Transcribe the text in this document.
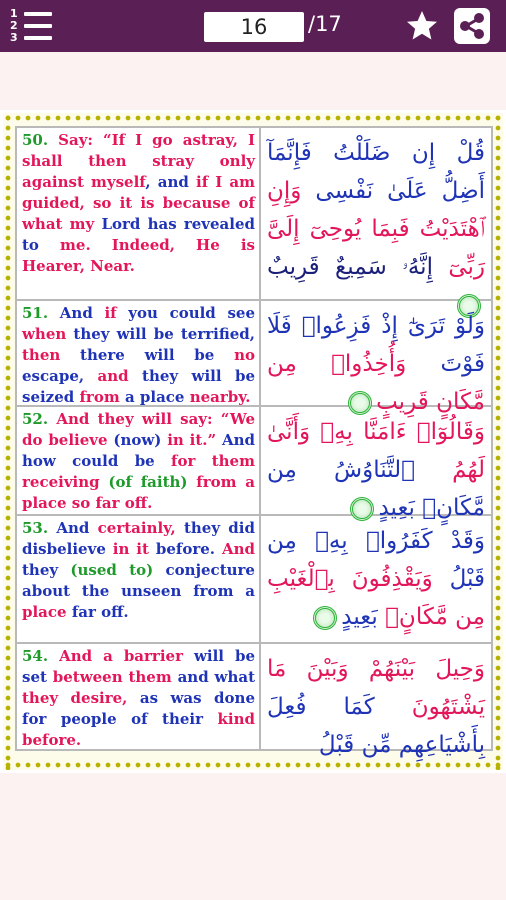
1
2
3	16	/17
50. Say: “If I go astray, I shall then stray only against myself, and if I am guided, so it is because of what my Lord has revealed to me. Indeed, He is Hearer, Near.
قُلْ إِن ضَلَلْتُ فَإِنَّمَآ أَضِلُّ عَلَىٰ نَفْسِى وَإِنِ ٱهْتَدَيْتُ فَبِمَا يُوحِىٓ إِلَىَّ رَبِّىٓ إِنَّهُۥ سَمِيعٌ قَرِيبٌ
51. And if you could see when they will be terrified, then there will be no escape, and they will be seized from a place nearby.
وَلَوْ تَرَىٰٓ إِذْ فَزِعُوا۟ فَلَا فَوْتَ وَأُخِذُوا۟ مِن مَّكَانٍ قَرِيبٍ
52. And they will say: “We do believe (now) in it.” And how could be for them receiving (of faith) from a place so far off.
وَقَالُوٓا۟ ءَامَنَّا بِهِۦ وَأَنَّىٰ لَهُمُ ٱلتَّنَاوُشُ مِن مَّكَانٍۭ بَعِيدٍ
53. And certainly, they did disbelieve in it before. And they (used to) conjecture about the unseen from a place far off.
وَقَدْ كَفَرُوا۟ بِهِۦ مِن قَبْلُ وَيَقْذِفُونَ بِٱلْغَيْبِ مِن مَّكَانٍۭ بَعِيدٍ
54. And a barrier will be set between them and what they desire, as was done for people of their kind before.
وَحِيلَ بَيْنَهُمْ وَبَيْنَ مَا يَشْتَهُونَ كَمَا فُعِلَ بِأَشْيَاعِهِم مِّن قَبْلُ
